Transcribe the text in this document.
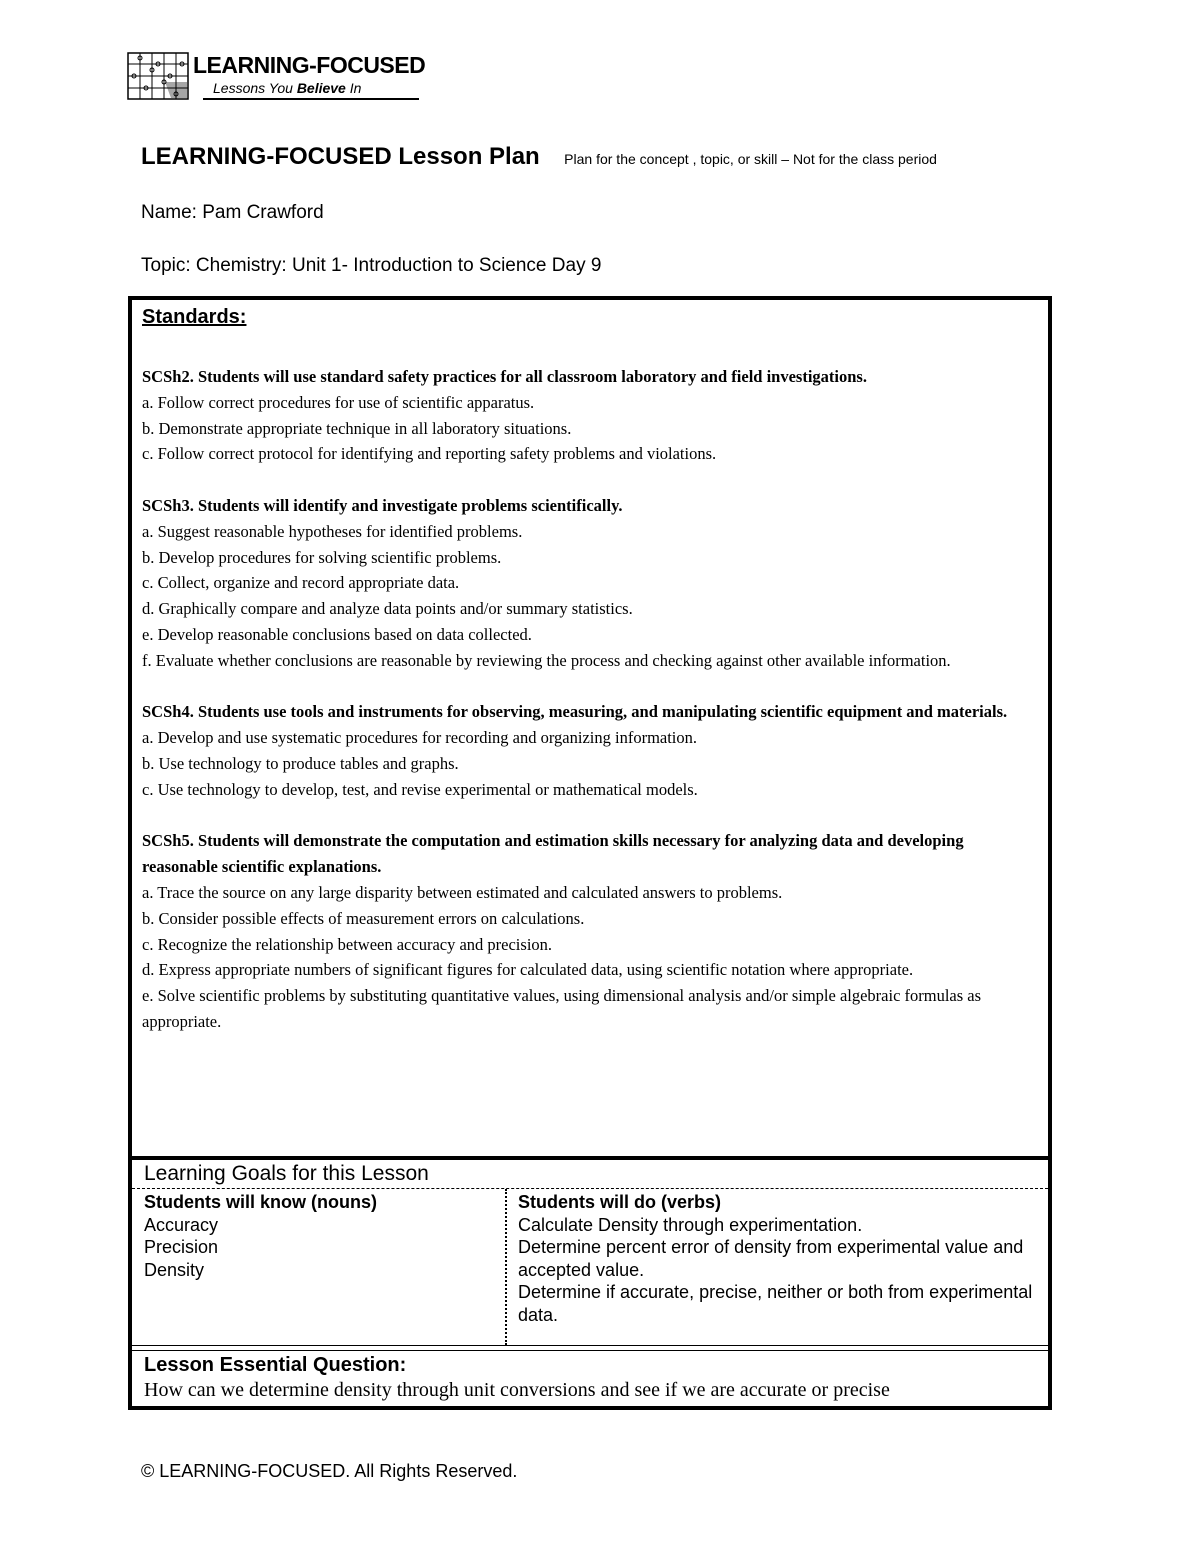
LEARNING-FOCUSED
Lessons You Believe In
LEARNING-FOCUSED Lesson Plan Plan for the concept , topic, or skill – Not for the class period
Name: Pam Crawford
Topic: Chemistry: Unit 1- Introduction to Science Day 9
Standards:
SCSh2. Students will use standard safety practices for all classroom laboratory and field investigations.
a. Follow correct procedures for use of scientific apparatus.
b. Demonstrate appropriate technique in all laboratory situations.
c. Follow correct protocol for identifying and reporting safety problems and violations.
SCSh3. Students will identify and investigate problems scientifically.
a. Suggest reasonable hypotheses for identified problems.
b. Develop procedures for solving scientific problems.
c. Collect, organize and record appropriate data.
d. Graphically compare and analyze data points and/or summary statistics.
e. Develop reasonable conclusions based on data collected.
f. Evaluate whether conclusions are reasonable by reviewing the process and checking against other available information.
SCSh4. Students use tools and instruments for observing, measuring, and manipulating scientific equipment and materials.
a. Develop and use systematic procedures for recording and organizing information.
b. Use technology to produce tables and graphs.
c. Use technology to develop, test, and revise experimental or mathematical models.
SCSh5. Students will demonstrate the computation and estimation skills necessary for analyzing data and developing reasonable scientific explanations.
a. Trace the source on any large disparity between estimated and calculated answers to problems.
b. Consider possible effects of measurement errors on calculations.
c. Recognize the relationship between accuracy and precision.
d. Express appropriate numbers of significant figures for calculated data, using scientific notation where appropriate.
e. Solve scientific problems by substituting quantitative values, using dimensional analysis and/or simple algebraic formulas as appropriate.
Learning Goals for this Lesson
Students will know (nouns)
Accuracy
Precision
Density
Students will do (verbs)
Calculate Density through experimentation.
Determine percent error of density from experimental value and accepted value.
Determine if accurate, precise, neither or both from experimental data.
Lesson Essential Question:
How can we determine density through unit conversions and see if we are accurate or precise
© LEARNING-FOCUSED. All Rights Reserved.
